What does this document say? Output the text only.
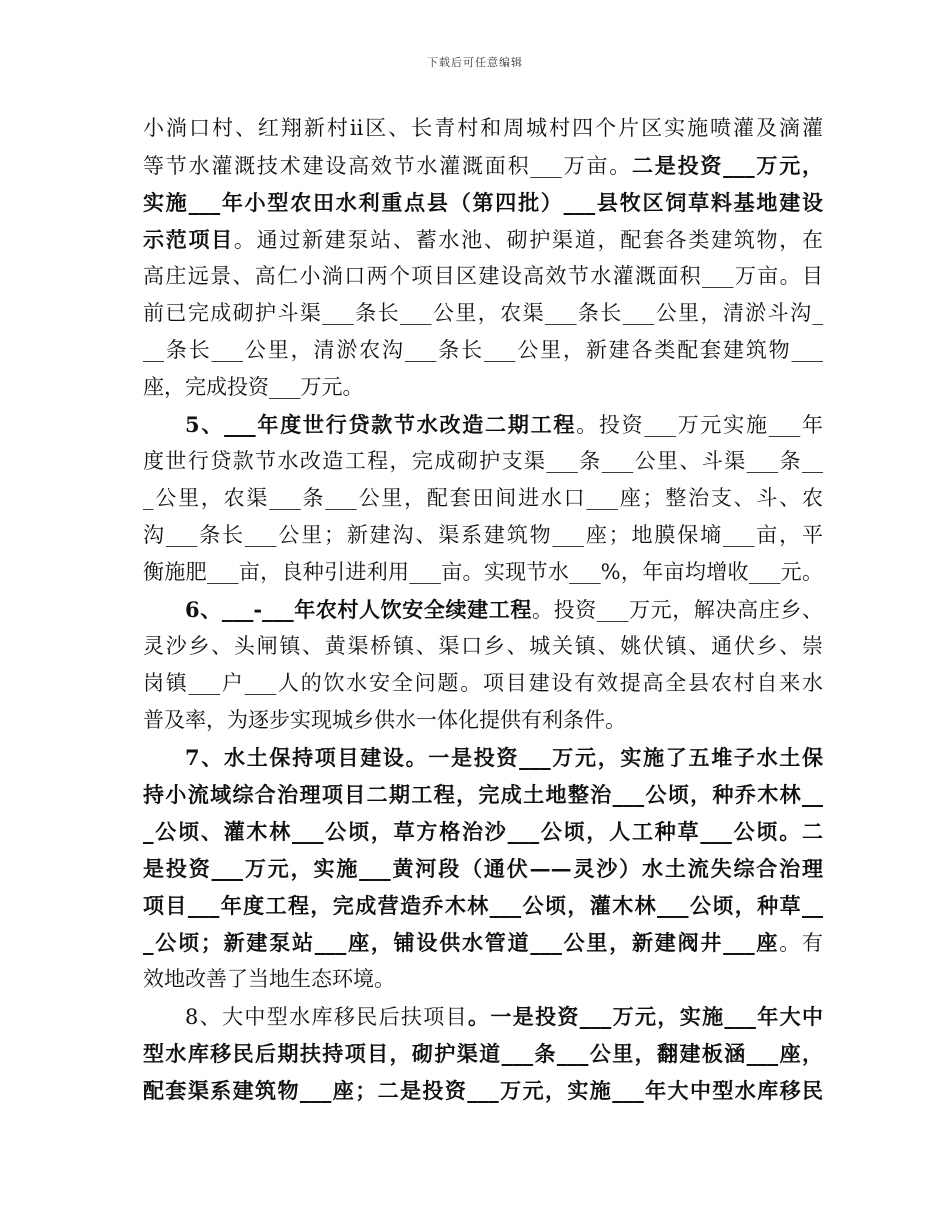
下载后可任意编辑
小淌口村、红翔新村ii区、长青村和周城村四个片区实施喷灌及滴灌
等节水灌溉技术建设高效节水灌溉面积___万亩。二是投资___万元，
实施___年小型农田水利重点县（第四批）___县牧区饲草料基地建设
示范项目。通过新建泵站、蓄水池、砌护渠道，配套各类建筑物，在
高庄远景、高仁小淌口两个项目区建设高效节水灌溉面积___万亩。目
前已完成砌护斗渠___条长___公里，农渠___条长___公里，清淤斗沟_
__条长___公里，清淤农沟___条长___公里，新建各类配套建筑物___
座，完成投资___万元。
5、___年度世行贷款节水改造二期工程。投资___万元实施___年
度世行贷款节水改造工程，完成砌护支渠___条___公里、斗渠___条__
_公里，农渠___条___公里，配套田间进水口___座；整治支、斗、农
沟___条长___公里；新建沟、渠系建筑物___座；地膜保墒___亩，平
衡施肥___亩，良种引进利用___亩。实现节水___%，年亩均增收___元。
6、___-___年农村人饮安全续建工程。投资___万元，解决高庄乡、
灵沙乡、头闸镇、黄渠桥镇、渠口乡、城关镇、姚伏镇、通伏乡、崇
岗镇___户___人的饮水安全问题。项目建设有效提高全县农村自来水
普及率，为逐步实现城乡供水一体化提供有利条件。
7、水土保持项目建设。一是投资___万元，实施了五堆子水土保
持小流域综合治理项目二期工程，完成土地整治___公顷，种乔木林__
_公顷、灌木林___公顷，草方格治沙___公顷，人工种草___公顷。二
是投资___万元，实施___黄河段（通伏——灵沙）水土流失综合治理
项目___年度工程，完成营造乔木林___公顷，灌木林___公顷，种草__
_公顷；新建泵站___座，铺设供水管道___公里，新建阀井___座。有
效地改善了当地生态环境。
8、大中型水库移民后扶项目。一是投资___万元，实施___年大中
型水库移民后期扶持项目，砌护渠道___条___公里，翻建板涵___座，
配套渠系建筑物___座；二是投资___万元，实施___年大中型水库移民
